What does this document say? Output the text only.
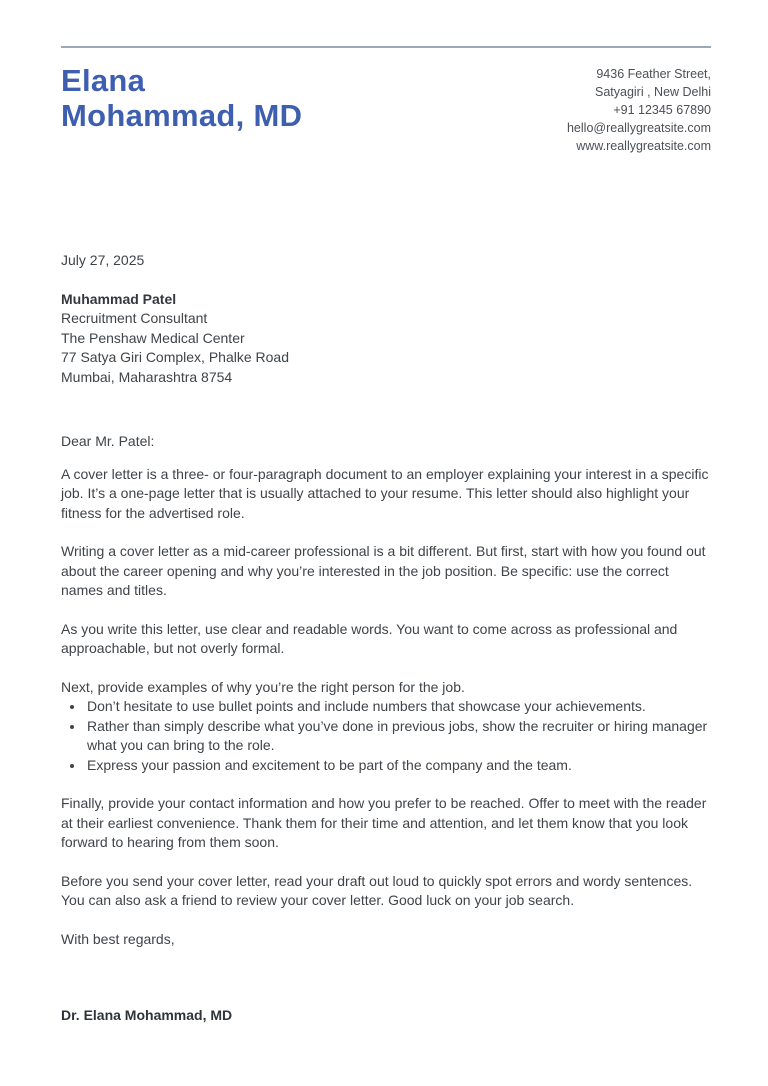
Elana
Mohammad, MD
9436 Feather Street,
Satyagiri , New Delhi
+91 12345 67890
hello@reallygreatsite.com
www.reallygreatsite.com
July 27, 2025
Muhammad Patel
Recruitment Consultant
The Penshaw Medical Center
77 Satya Giri Complex, Phalke Road
Mumbai, Maharashtra 8754
Dear Mr. Patel:

A cover letter is a three- or four-paragraph document to an employer explaining your interest in a specific job. It’s a one-page letter that is usually attached to your resume. This letter should also highlight your fitness for the advertised role.

Writing a cover letter as a mid-career professional is a bit different. But first, start with how you found out about the career opening and why you’re interested in the job position. Be specific: use the correct names and titles.

As you write this letter, use clear and readable words. You want to come across as professional and approachable, but not overly formal.

Next, provide examples of why you’re the right person for the job.
• Don’t hesitate to use bullet points and include numbers that showcase your achievements.
• Rather than simply describe what you’ve done in previous jobs, show the recruiter or hiring manager what you can bring to the role.
• Express your passion and excitement to be part of the company and the team.

Finally, provide your contact information and how you prefer to be reached. Offer to meet with the reader at their earliest convenience. Thank them for their time and attention, and let them know that you look forward to hearing from them soon.

Before you send your cover letter, read your draft out loud to quickly spot errors and wordy sentences. You can also ask a friend to review your cover letter. Good luck on your job search.

With best regards,

Dr. Elana Mohammad, MD
